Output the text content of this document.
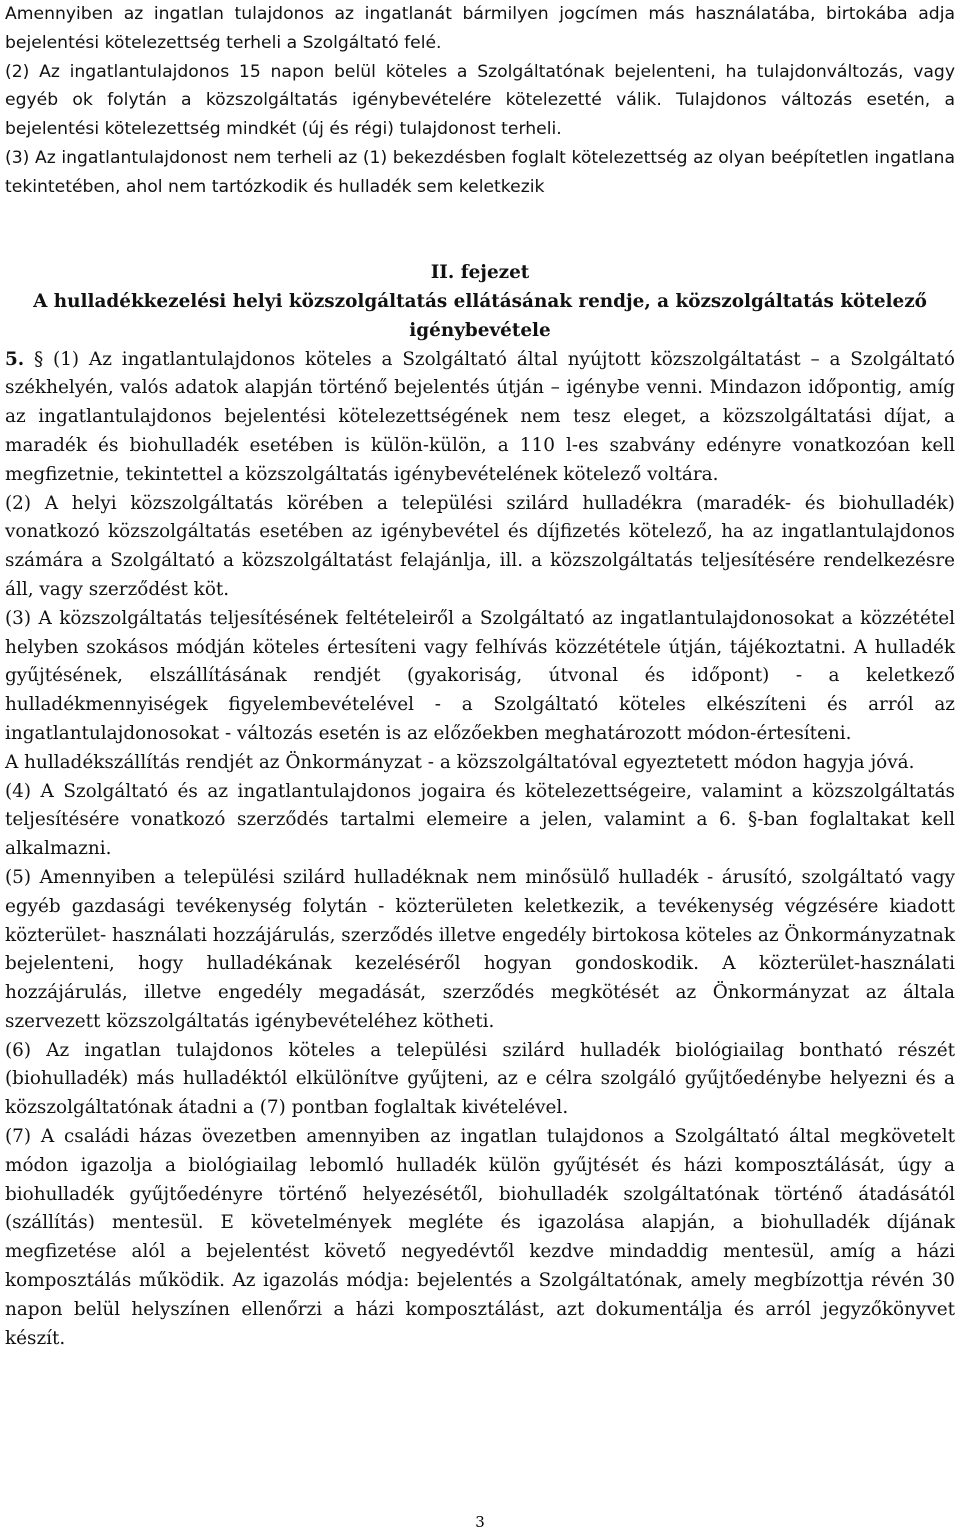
Amennyiben az ingatlan tulajdonos az ingatlanát bármilyen jogcímen más használatába, birtokába adja bejelentési kötelezettség terheli a Szolgáltató felé.

(2) Az ingatlantulajdonos 15 napon belül köteles a Szolgáltatónak bejelenteni, ha tulajdonváltozás, vagy egyéb ok folytán a közszolgáltatás igénybevételére kötelezetté válik. Tulajdonos változás esetén, a bejelentési kötelezettség mindkét (új és régi) tulajdonost terheli.

(3) Az ingatlantulajdonost nem terheli az (1) bekezdésben foglalt kötelezettség az olyan beépítetlen ingatlana tekintetében, ahol nem tartózkodik és hulladék sem keletkezik

II. fejezet

A hulladékkezelési helyi közszolgáltatás ellátásának rendje, a közszolgáltatás kötelező igénybevétele

5. § (1) Az ingatlantulajdonos köteles a Szolgáltató által nyújtott közszolgáltatást – a Szolgáltató székhelyén, valós adatok alapján történő bejelentés útján – igénybe venni. Mindazon időpontig, amíg az ingatlantulajdonos bejelentési kötelezettségének nem tesz eleget, a közszolgáltatási díjat, a maradék és biohulladék esetében is külön-külön, a 110 l-es szabvány edényre vonatkozóan kell megfizetnie, tekintettel a közszolgáltatás igénybevételének kötelező voltára.

(2) A helyi közszolgáltatás körében a települési szilárd hulladékra (maradék- és biohulladék) vonatkozó közszolgáltatás esetében az igénybevétel és díjfizetés kötelező, ha az ingatlantulajdonos számára a Szolgáltató a közszolgáltatást felajánlja, ill. a közszolgáltatás teljesítésére rendelkezésre áll, vagy szerződést köt.

(3) A közszolgáltatás teljesítésének feltételeiről a Szolgáltató az ingatlantulajdonosokat a közzététel helyben szokásos módján köteles értesíteni vagy felhívás közzététele útján, tájékoztatni. A hulladék gyűjtésének, elszállításának rendjét (gyakoriság, útvonal és időpont) - a keletkező hulladékmennyiségek figyelembevételével - a Szolgáltató köteles elkészíteni és arról az ingatlantulajdonosokat - változás esetén is az előzőekben meghatározott módon-értesíteni.

A hulladékszállítás rendjét az Önkormányzat - a közszolgáltatóval egyeztetett módon hagyja jóvá.

(4) A Szolgáltató és az ingatlantulajdonos jogaira és kötelezettségeire, valamint a közszolgáltatás teljesítésére vonatkozó szerződés tartalmi elemeire a jelen, valamint a 6. §-ban foglaltakat kell alkalmazni.

(5) Amennyiben a települési szilárd hulladéknak nem minősülő hulladék - árusító, szolgáltató vagy egyéb gazdasági tevékenység folytán - közterületen keletkezik, a tevékenység végzésére kiadott közterület- használati hozzájárulás, szerződés illetve engedély birtokosa köteles az Önkormányzatnak bejelenteni, hogy hulladékának kezeléséről hogyan gondoskodik. A közterület-használati hozzájárulás, illetve engedély megadását, szerződés megkötését az Önkormányzat az általa szervezett közszolgáltatás igénybevételéhez kötheti.

(6) Az ingatlan tulajdonos köteles a települési szilárd hulladék biológiailag bontható részét (biohulladék) más hulladéktól elkülönítve gyűjteni, az e célra szolgáló gyűjtőedénybe helyezni és a közszolgáltatónak átadni a (7) pontban foglaltak kivételével.

(7) A családi házas övezetben amennyiben az ingatlan tulajdonos a Szolgáltató által megkövetelt módon igazolja a biológiailag lebomló hulladék külön gyűjtését és házi komposztálását, úgy a biohulladék gyűjtőedényre történő helyezésétől, biohulladék szolgáltatónak történő átadásától (szállítás) mentesül. E követelmények megléte és igazolása alapján, a biohulladék díjának megfizetése alól a bejelentést követő negyedévtől kezdve mindaddig mentesül, amíg a házi komposztálás működik. Az igazolás módja: bejelentés a Szolgáltatónak, amely megbízottja révén 30 napon belül helyszínen ellenőrzi a házi komposztálást, azt dokumentálja és arról jegyzőkönyvet készít.

3
